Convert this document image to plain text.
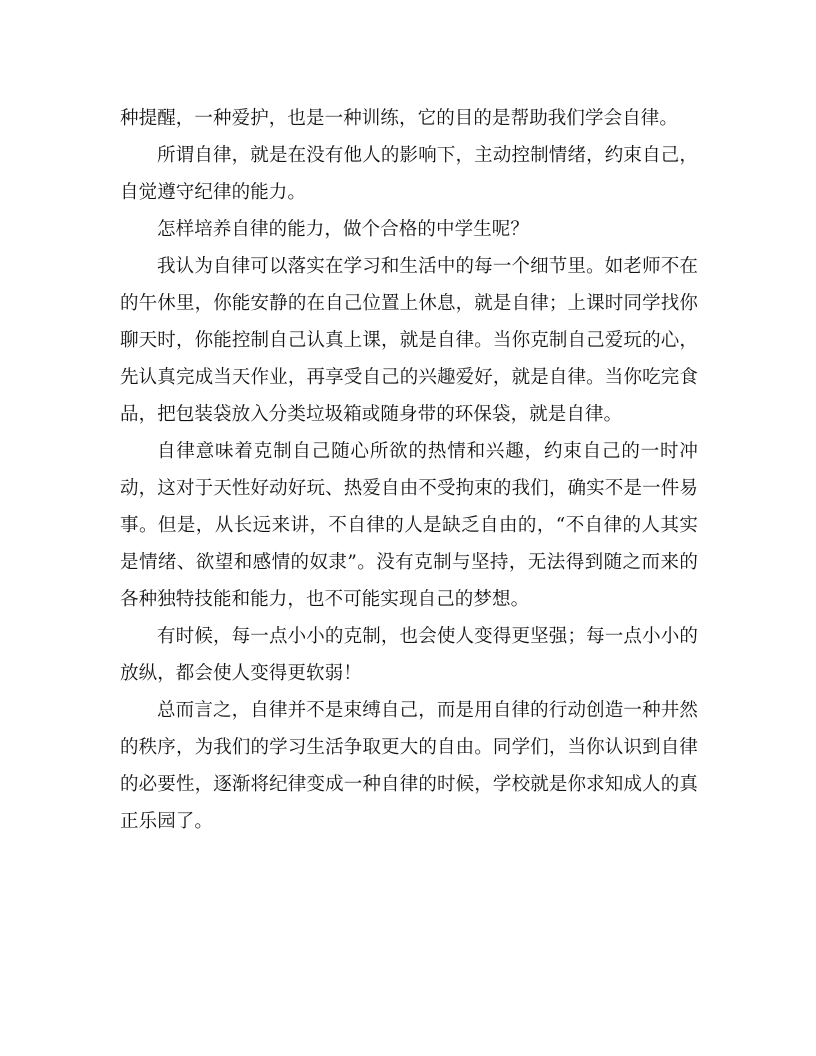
种提醒，一种爱护，也是一种训练，它的目的是帮助我们学会自律。

所谓自律，就是在没有他人的影响下，主动控制情绪，约束自己，自觉遵守纪律的能力。

怎样培养自律的能力，做个合格的中学生呢？

我认为自律可以落实在学习和生活中的每一个细节里。如老师不在的午休里，你能安静的在自己位置上休息，就是自律；上课时同学找你聊天时，你能控制自己认真上课，就是自律。当你克制自己爱玩的心，先认真完成当天作业，再享受自己的兴趣爱好，就是自律。当你吃完食品，把包装袋放入分类垃圾箱或随身带的环保袋，就是自律。

自律意味着克制自己随心所欲的热情和兴趣，约束自己的一时冲动，这对于天性好动好玩、热爱自由不受拘束的我们，确实不是一件易事。但是，从长远来讲，不自律的人是缺乏自由的，“不自律的人其实是情绪、欲望和感情的奴隶”。没有克制与坚持，无法得到随之而来的各种独特技能和能力，也不可能实现自己的梦想。

有时候，每一点小小的克制，也会使人变得更坚强；每一点小小的放纵，都会使人变得更软弱！

总而言之，自律并不是束缚自己，而是用自律的行动创造一种井然的秩序，为我们的学习生活争取更大的自由。同学们，当你认识到自律的必要性，逐渐将纪律变成一种自律的时候，学校就是你求知成人的真正乐园了。
